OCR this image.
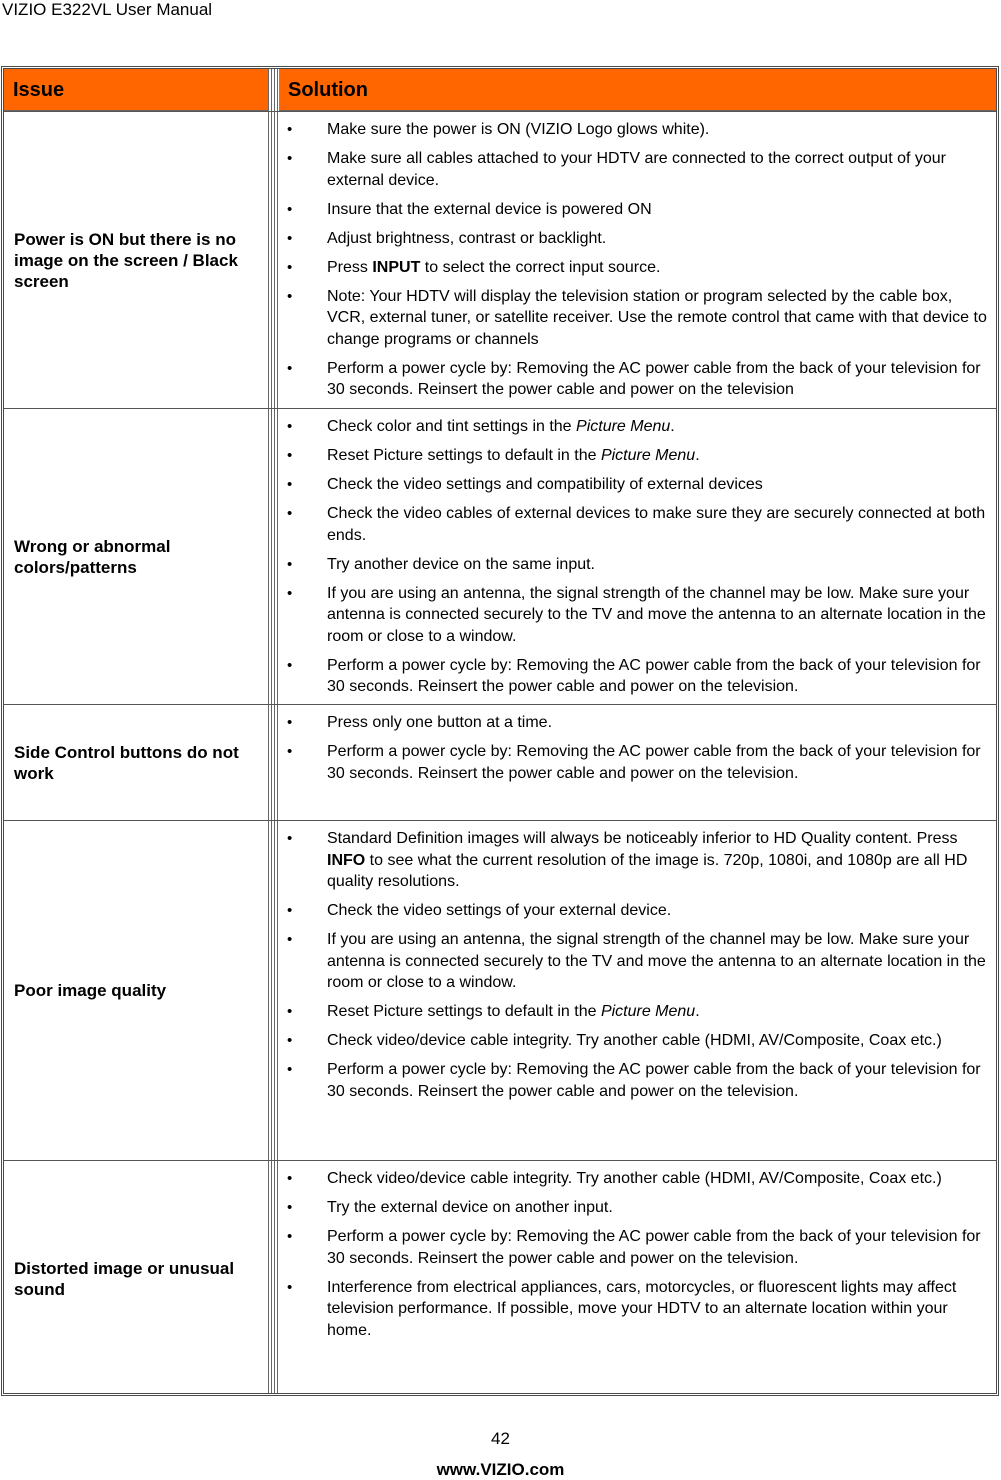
VIZIO E322VL User Manual
Issue	Solution
Power is ON but there is no image on the screen / Black screen
• Make sure the power is ON (VIZIO Logo glows white).
• Make sure all cables attached to your HDTV are connected to the correct output of your external device.
• Insure that the external device is powered ON
• Adjust brightness, contrast or backlight.
• Press INPUT to select the correct input source.
• Note: Your HDTV will display the television station or program selected by the cable box, VCR, external tuner, or satellite receiver. Use the remote control that came with that device to change programs or channels
• Perform a power cycle by: Removing the AC power cable from the back of your television for 30 seconds. Reinsert the power cable and power on the television
Wrong or abnormal colors/patterns
• Check color and tint settings in the Picture Menu.
• Reset Picture settings to default in the Picture Menu.
• Check the video settings and compatibility of external devices
• Check the video cables of external devices to make sure they are securely connected at both ends.
• Try another device on the same input.
• If you are using an antenna, the signal strength of the channel may be low. Make sure your antenna is connected securely to the TV and move the antenna to an alternate location in the room or close to a window.
• Perform a power cycle by: Removing the AC power cable from the back of your television for 30 seconds. Reinsert the power cable and power on the television.
Side Control buttons do not work
• Press only one button at a time.
• Perform a power cycle by: Removing the AC power cable from the back of your television for 30 seconds. Reinsert the power cable and power on the television.
Poor image quality
• Standard Definition images will always be noticeably inferior to HD Quality content. Press INFO to see what the current resolution of the image is. 720p, 1080i, and 1080p are all HD quality resolutions.
• Check the video settings of your external device.
• If you are using an antenna, the signal strength of the channel may be low. Make sure your antenna is connected securely to the TV and move the antenna to an alternate location in the room or close to a window.
• Reset Picture settings to default in the Picture Menu.
• Check video/device cable integrity. Try another cable (HDMI, AV/Composite, Coax etc.)
• Perform a power cycle by: Removing the AC power cable from the back of your television for 30 seconds. Reinsert the power cable and power on the television.
Distorted image or unusual sound
• Check video/device cable integrity. Try another cable (HDMI, AV/Composite, Coax etc.)
• Try the external device on another input.
• Perform a power cycle by: Removing the AC power cable from the back of your television for 30 seconds. Reinsert the power cable and power on the television.
• Interference from electrical appliances, cars, motorcycles, or fluorescent lights may affect television performance. If possible, move your HDTV to an alternate location within your home.
42
www.VIZIO.com
